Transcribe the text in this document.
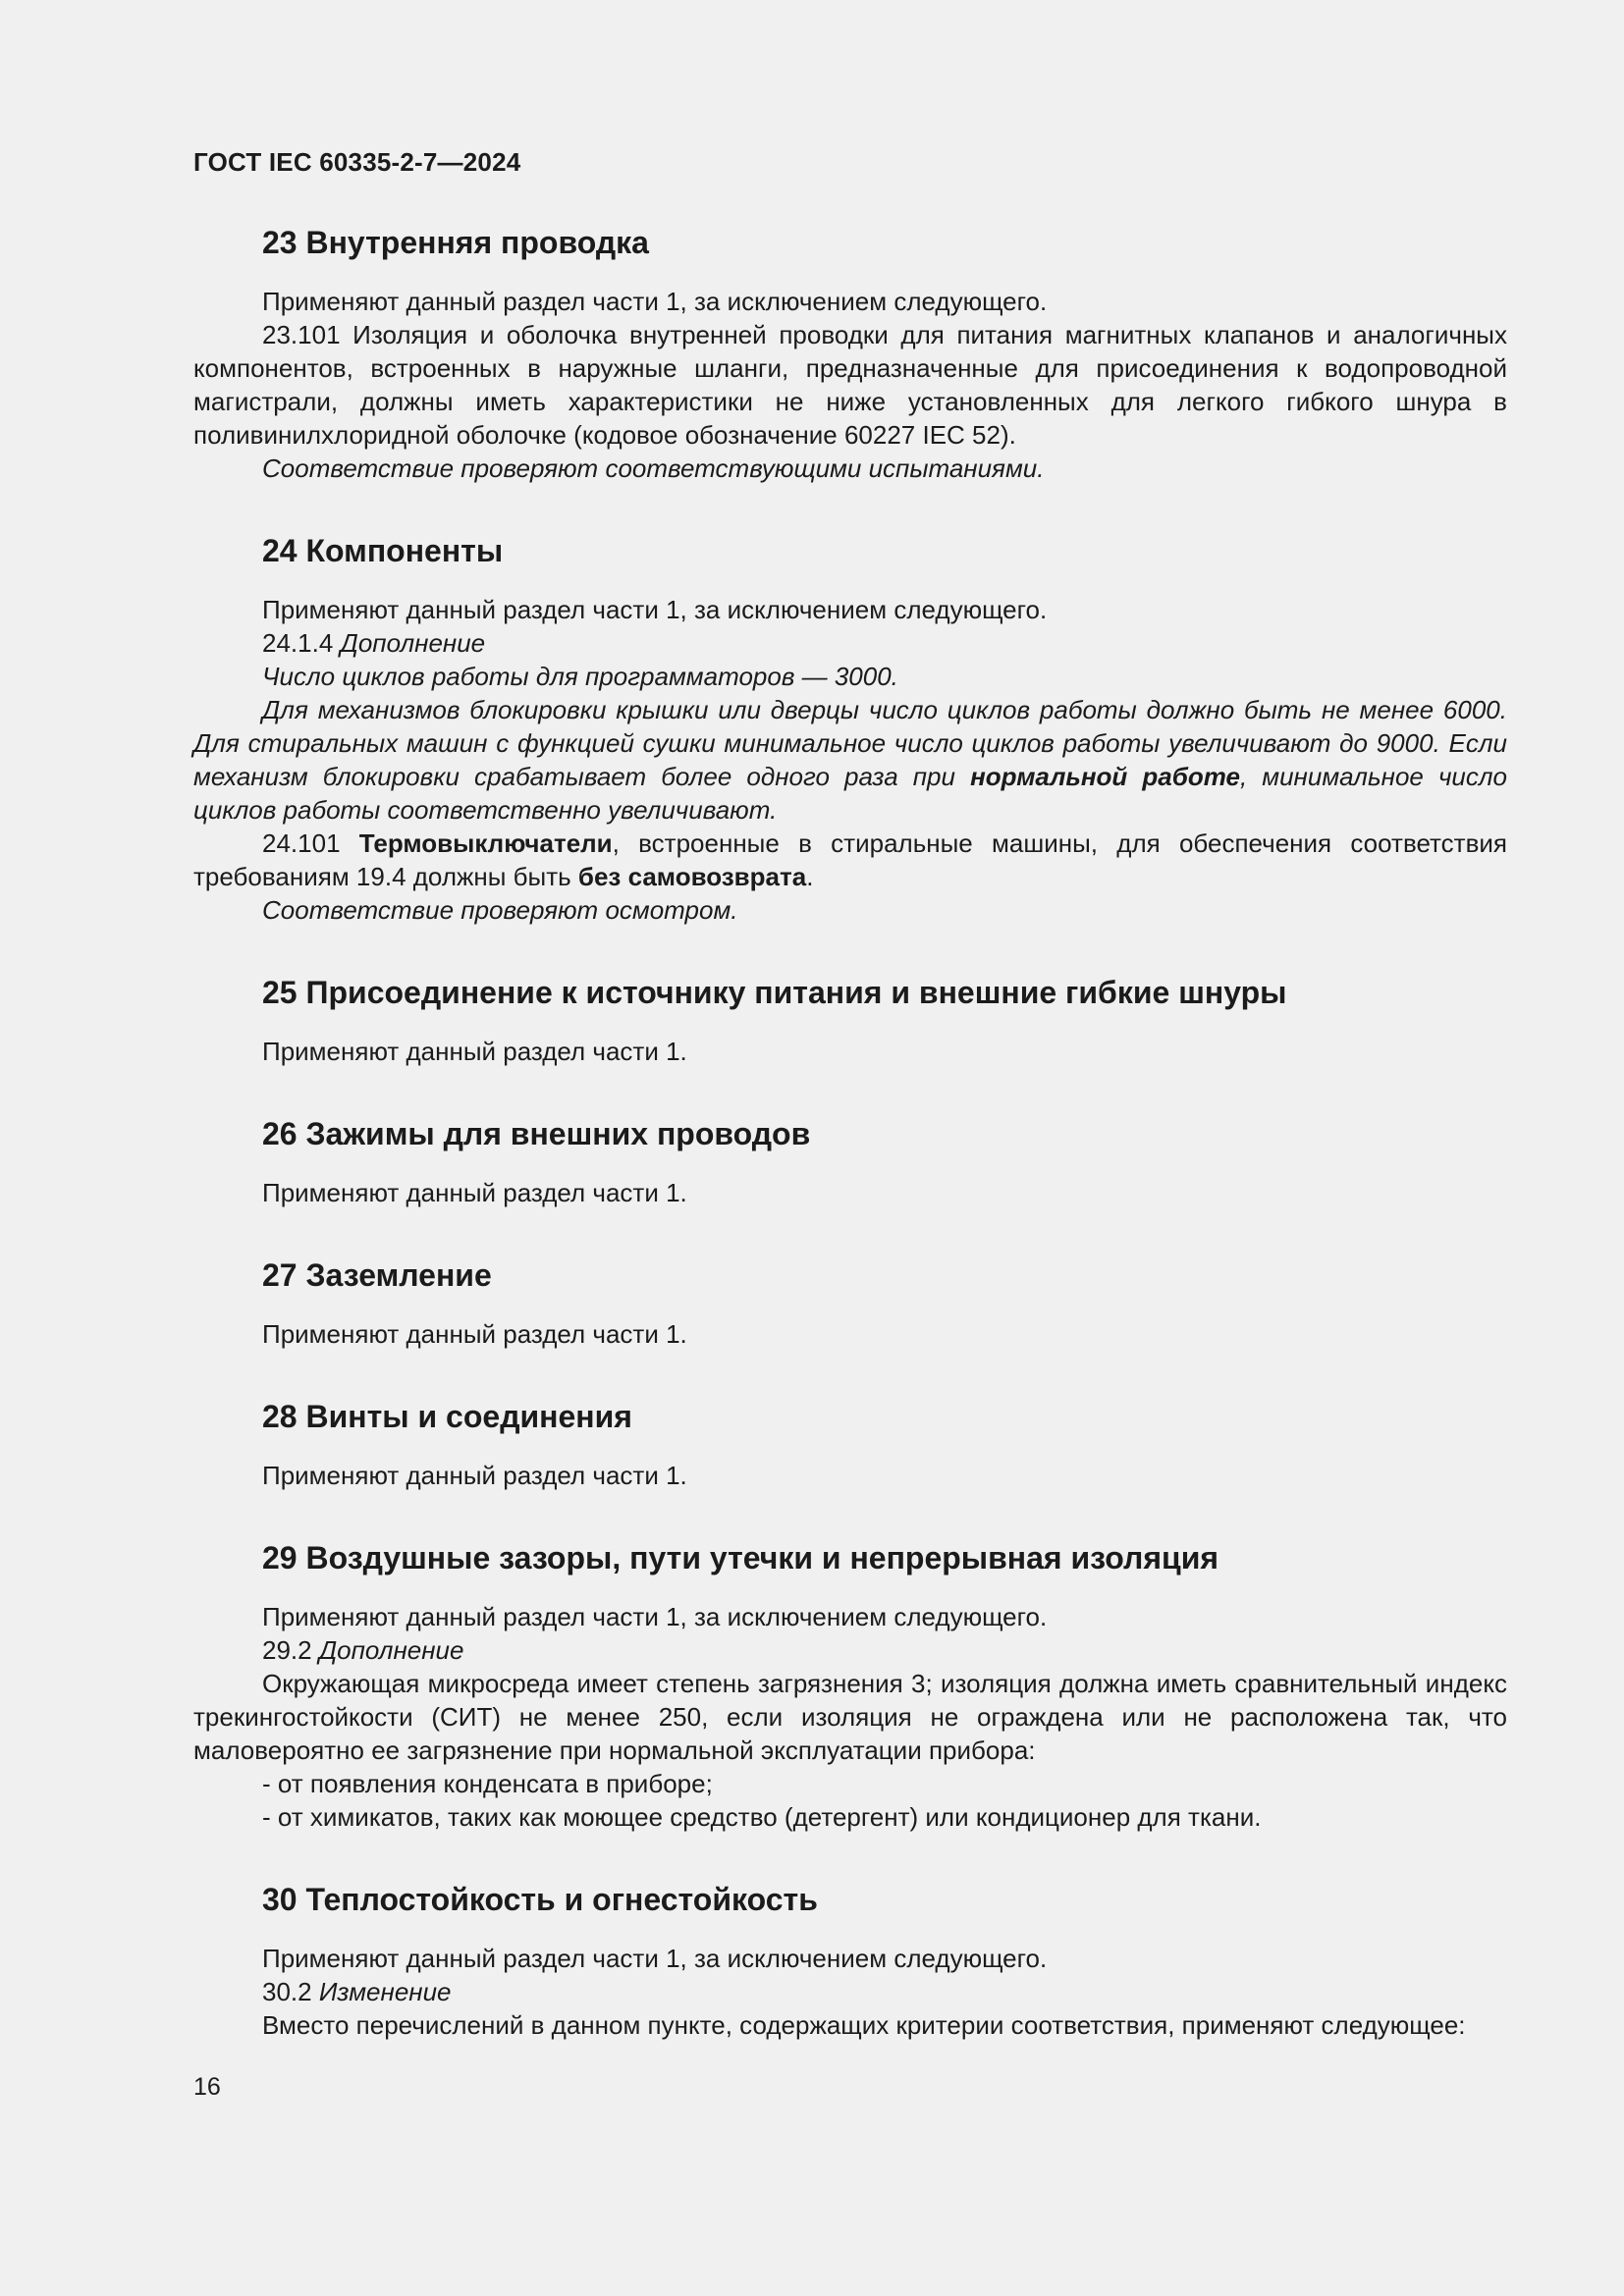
ГОСТ IEC 60335-2-7—2024
23 Внутренняя проводка

Применяют данный раздел части 1, за исключением следующего.

23.101 Изоляция и оболочка внутренней проводки для питания магнитных клапанов и аналогичных компонентов, встроенных в наружные шланги, предназначенные для присоединения к водопроводной магистрали, должны иметь характеристики не ниже установленных для легкого гибкого шнура в поливинилхлоридной оболочке (кодовое обозначение 60227 IEC 52).

Соответствие проверяют соответствующими испытаниями.

24 Компоненты

Применяют данный раздел части 1, за исключением следующего.

24.1.4 Дополнение

Число циклов работы для программаторов — 3000.

Для механизмов блокировки крышки или дверцы число циклов работы должно быть не менее 6000. Для стиральных машин с функцией сушки минимальное число циклов работы увеличивают до 9000. Если механизм блокировки срабатывает более одного раза при нормальной работе, минимальное число циклов работы соответственно увеличивают.

24.101 Термовыключатели, встроенные в стиральные машины, для обеспечения соответствия требованиям 19.4 должны быть без самовозврата.

Соответствие проверяют осмотром.

25 Присоединение к источнику питания и внешние гибкие шнуры

Применяют данный раздел части 1.

26 Зажимы для внешних проводов

Применяют данный раздел части 1.

27 Заземление

Применяют данный раздел части 1.

28 Винты и соединения

Применяют данный раздел части 1.

29 Воздушные зазоры, пути утечки и непрерывная изоляция

Применяют данный раздел части 1, за исключением следующего.

29.2 Дополнение

Окружающая микросреда имеет степень загрязнения 3; изоляция должна иметь сравнительный индекс трекингостойкости (СИТ) не менее 250, если изоляция не ограждена или не расположена так, что маловероятно ее загрязнение при нормальной эксплуатации прибора:

- от появления конденсата в приборе;
- от химикатов, таких как моющее средство (детергент) или кондиционер для ткани.
30 Теплостойкость и огнестойкость

Применяют данный раздел части 1, за исключением следующего.

30.2 Изменение

Вместо перечислений в данном пункте, содержащих критерии соответствия, применяют следующее:

16
